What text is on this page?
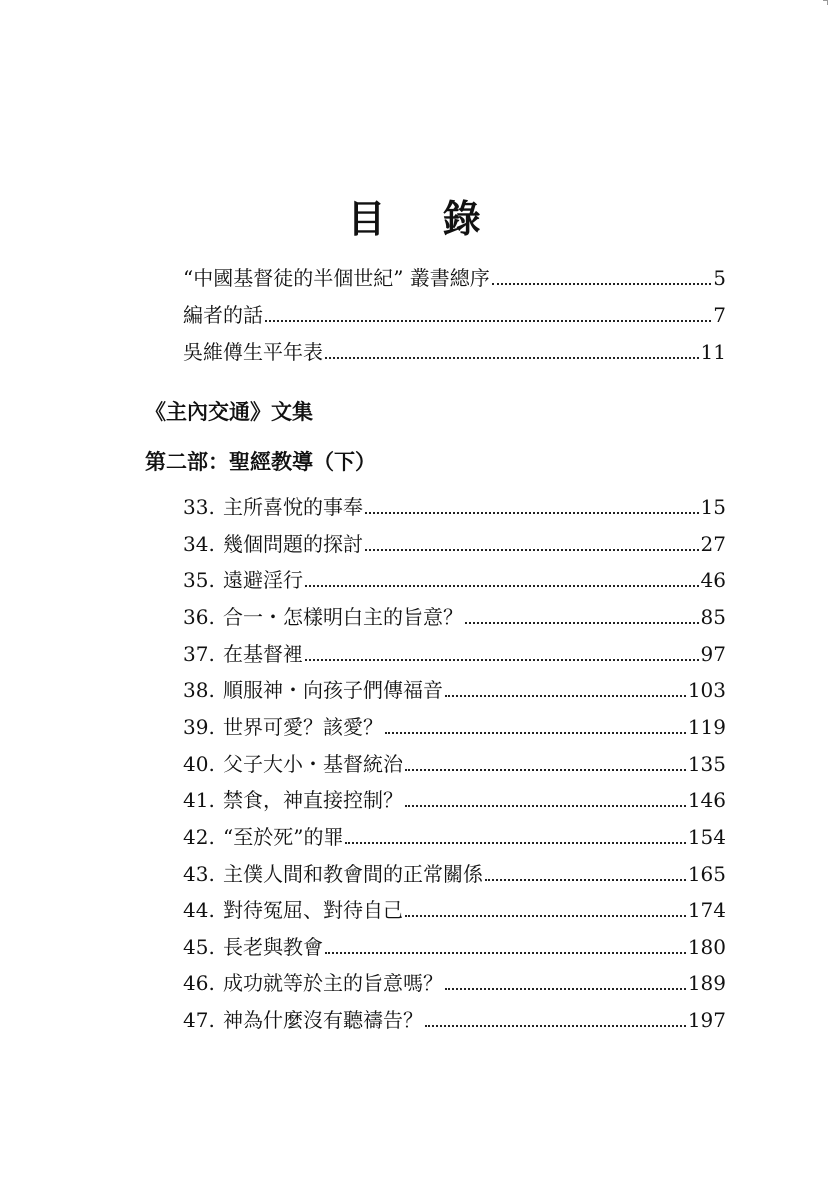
目 錄
“中國基督徒的半個世紀” 叢書總序	5
編者的話	7
吳維僔生平年表	11
《主內交通》文集
第二部：聖經教導（下）
33. 主所喜悅的事奉	15
34. 幾個問題的探討	27
35. 遠避淫行	46
36. 合一・怎樣明白主的旨意？	85
37. 在基督裡	97
38. 順服神・向孩子們傳福音	103
39. 世界可愛？該愛？	119
40. 父子大小・基督統治	135
41. 禁食，神直接控制？	146
42. “至於死”的罪	154
43. 主僕人間和教會間的正常關係	165
44. 對待冤屈、對待自己	174
45. 長老與教會	180
46. 成功就等於主的旨意嗎？	189
47. 神為什麼沒有聽禱告？	197
